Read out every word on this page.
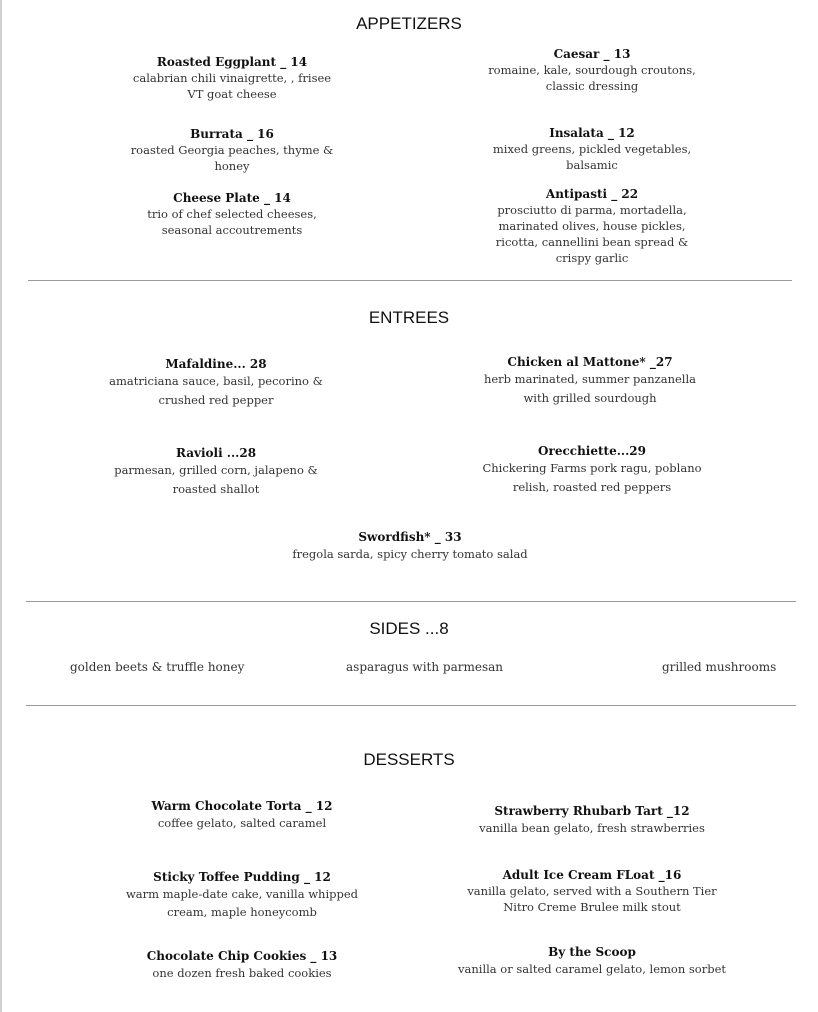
APPETIZERS
Roasted Eggplant _ 14
calabrian chili vinaigrette, , frisee
VT goat cheese
Caesar _ 13
romaine, kale, sourdough croutons,
classic dressing
Burrata _ 16
roasted Georgia peaches, thyme &
honey
Insalata _ 12
mixed greens, pickled vegetables,
balsamic
Cheese Plate _ 14
trio of chef selected cheeses,
seasonal accoutrements
Antipasti _ 22
prosciutto di parma, mortadella,
marinated olives, house pickles,
ricotta, cannellini bean spread &
crispy garlic
ENTREES
Mafaldine... 28
amatriciana sauce, basil, pecorino &
crushed red pepper
Chicken al Mattone* _27
herb marinated, summer panzanella
with grilled sourdough
Ravioli ...28
parmesan, grilled corn, jalapeno &
roasted shallot
Orecchiette...29
Chickering Farms pork ragu, poblano
relish, roasted red peppers
Swordfish* _ 33
fregola sarda, spicy cherry tomato salad
SIDES ...8
golden beets & truffle honey	asparagus with parmesan	grilled mushrooms
DESSERTS
Warm Chocolate Torta _ 12
coffee gelato, salted caramel
Strawberry Rhubarb Tart _12
vanilla bean gelato, fresh strawberries
Sticky Toffee Pudding _ 12
warm maple-date cake, vanilla whipped
cream, maple honeycomb
Adult Ice Cream FLoat _16
vanilla gelato, served with a Southern Tier
Nitro Creme Brulee milk stout
Chocolate Chip Cookies _ 13
one dozen fresh baked cookies
By the Scoop
vanilla or salted caramel gelato, lemon sorbet
